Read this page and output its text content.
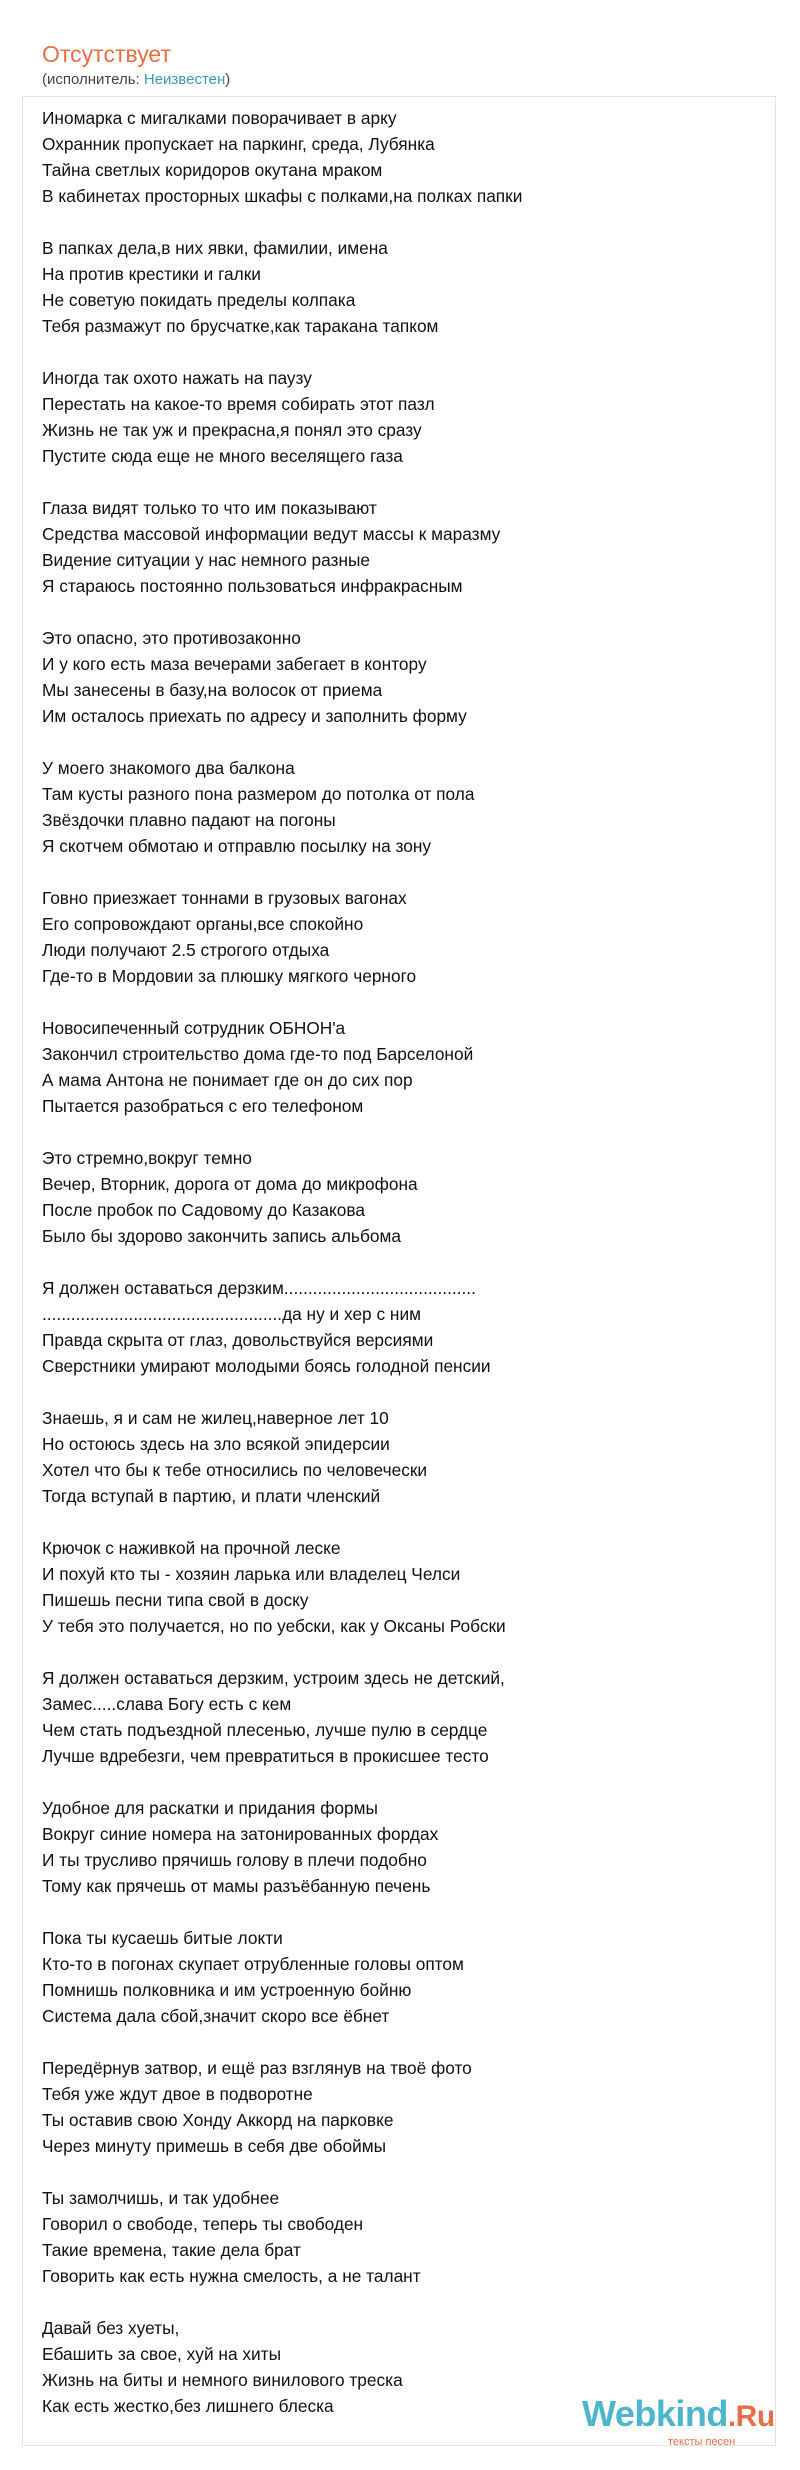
Отсутствует
(исполнитель: Неизвестен)
Иномарка с мигалками поворачивает в арку
Охранник пропускает на паркинг, среда, Лубянка
Тайна светлых коридоров окутана мраком
В кабинетах просторных шкафы с полками,на полках папки
В папках дела,в них явки, фамилии, имена
На против крестики и галки
Не советую покидать пределы колпака
Тебя размажут по брусчатке,как таракана тапком
Иногда так охото нажать на паузу
Перестать на какое-то время собирать этот пазл
Жизнь не так уж и прекрасна,я понял это сразу
Пустите сюда еще не много веселящего газа
Глаза видят только то что им показывают
Средства массовой информации ведут массы к маразму
Видение ситуации у нас немного разные
Я стараюсь постоянно пользоваться инфракрасным
Это опасно, это противозаконно
И у кого есть маза вечерами забегает в контору
Мы занесены в базу,на волосок от приема
Им осталось приехать по адресу и заполнить форму
У моего знакомого два балкона
Там кусты разного пона размером до потолка от пола
Звёздочки плавно падают на погоны
Я скотчем обмотаю и отправлю посылку на зону
Говно приезжает тоннами в грузовых вагонах
Его сопровождают органы,все спокойно
Люди получают 2.5 строгого отдыха
Где-то в Мордовии за плюшку мягкого черного
Новосипеченный сотрудник ОБНОН'а
Закончил строительство дома где-то под Барселоной
А мама Антона не понимает где он до сих пор
Пытается разобраться с его телефоном
Это стремно,вокруг темно
Вечер, Вторник, дорога от дома до микрофона
После пробок по Садовому до Казакова
Было бы здорово закончить запись альбома
Я должен оставаться дерзким........................................
..................................................да ну и хер с ним
Правда скрыта от глаз, довольствуйся версиями
Сверстники умирают молодыми боясь голодной пенсии
Знаешь, я и сам не жилец,наверное лет 10
Но остоюсь здесь на зло всякой эпидерсии
Хотел что бы к тебе относились по человечески
Тогда вступай в партию, и плати членский
Крючок с наживкой на прочной леске
И похуй кто ты - хозяин ларька или владелец Челси
Пишешь песни типа свой в доску
У тебя это получается, но по уебски, как у Оксаны Робски
Я должен оставаться дерзким, устроим здесь не детский,
Замес.....слава Богу есть с кем
Чем стать подъездной плесенью, лучше пулю в сердце
Лучше вдребезги, чем превратиться в прокисшее тесто
Удобное для раскатки и придания формы
Вокруг синие номера на затонированных фордах
И ты трусливо прячишь голову в плечи подобно
Тому как прячешь от мамы разъёбанную печень
Пока ты кусаешь битые локти
Кто-то в погонах скупает отрубленные головы оптом
Помнишь полковника и им устроенную бойню
Система дала сбой,значит скоро все ёбнет
Передёрнув затвор, и ещё раз взглянув на твоё фото
Тебя уже ждут двое в подворотне
Ты оставив свою Хонду Аккорд на парковке
Через минуту примешь в себя две обоймы
Ты замолчишь, и так удобнее
Говорил о свободе, теперь ты свободен
Такие времена, такие дела брат
Говорить как есть нужна смелость, а не талант
Давай без хуеты,
Ебашить за свое, хуй на хиты
Жизнь на биты и немного винилового треска
Как есть жестко,без лишнего блеска	Webkind.Ru
тексты песен
